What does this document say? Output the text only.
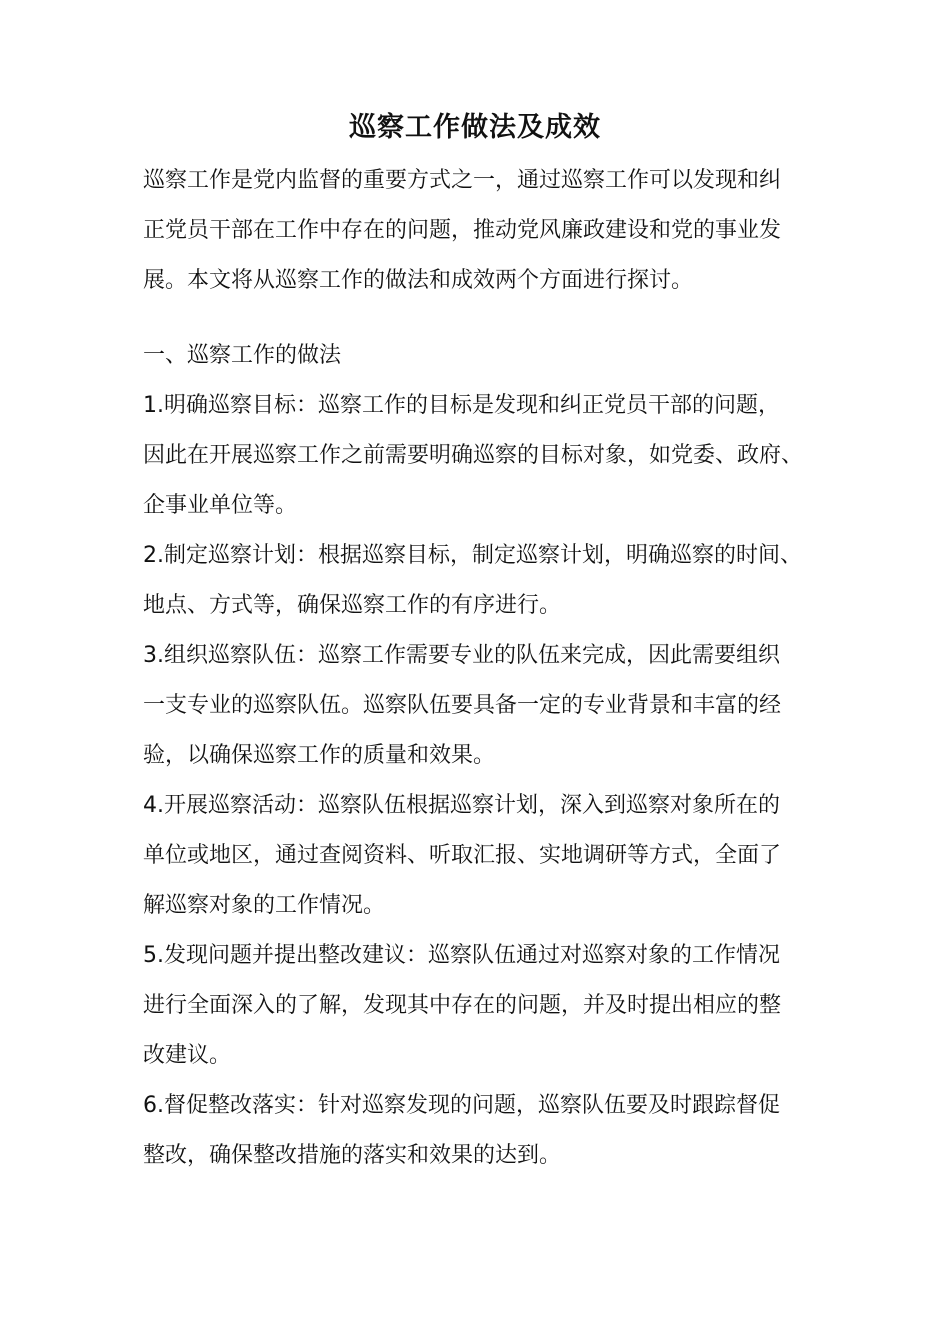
巡察工作做法及成效
巡察工作是党内监督的重要方式之一，通过巡察工作可以发现和纠
正党员干部在工作中存在的问题，推动党风廉政建设和党的事业发
展。本文将从巡察工作的做法和成效两个方面进行探讨。
一、巡察工作的做法
1.明确巡察目标：巡察工作的目标是发现和纠正党员干部的问题，
因此在开展巡察工作之前需要明确巡察的目标对象，如党委、政府、
企事业单位等。
2.制定巡察计划：根据巡察目标，制定巡察计划，明确巡察的时间、
地点、方式等，确保巡察工作的有序进行。
3.组织巡察队伍：巡察工作需要专业的队伍来完成，因此需要组织
一支专业的巡察队伍。巡察队伍要具备一定的专业背景和丰富的经
验，以确保巡察工作的质量和效果。
4.开展巡察活动：巡察队伍根据巡察计划，深入到巡察对象所在的
单位或地区，通过查阅资料、听取汇报、实地调研等方式，全面了
解巡察对象的工作情况。
5.发现问题并提出整改建议：巡察队伍通过对巡察对象的工作情况
进行全面深入的了解，发现其中存在的问题，并及时提出相应的整
改建议。
6.督促整改落实：针对巡察发现的问题，巡察队伍要及时跟踪督促
整改，确保整改措施的落实和效果的达到。
